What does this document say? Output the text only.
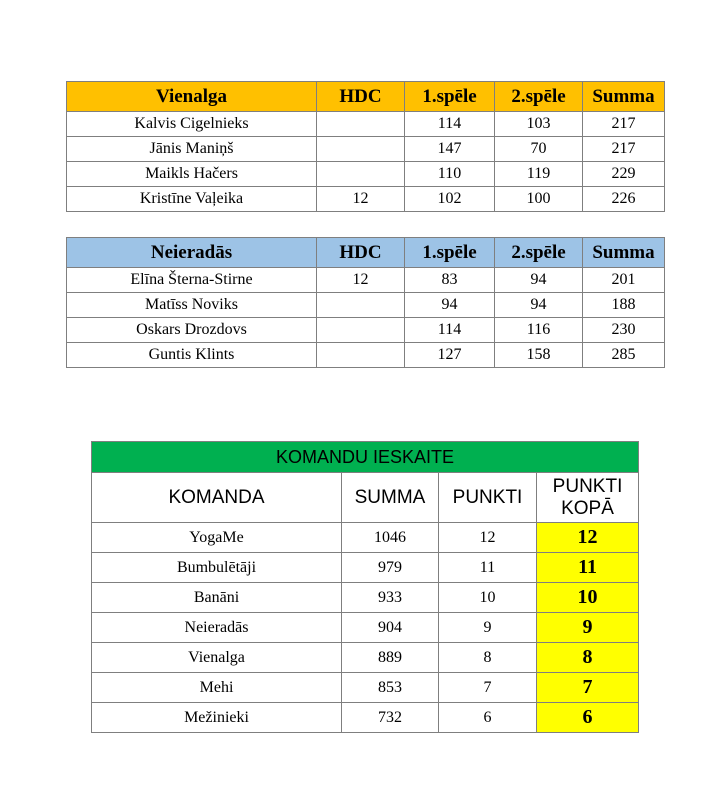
Vienalga	HDC	1.spēle	2.spēle	Summa
Kalvis Cigelnieks		114	103	217
Jānis Maniņš		147	70	217
Maikls Hačers		110	119	229
Kristīne Vaļeika	12	102	100	226
Neieradās	HDC	1.spēle	2.spēle	Summa
Elīna Šterna-Stirne	12	83	94	201
Matīss Noviks		94	94	188
Oskars Drozdovs		114	116	230
Guntis Klints		127	158	285
KOMANDU IESKAITE			
KOMANDA	SUMMA	PUNKTI	PUNKTI
KOPĀ
YogaMe	1046	12	12
Bumbulētāji	979	11	11
Banāni	933	10	10
Neieradās	904	9	9
Vienalga	889	8	8
Mehi	853	7	7
Mežinieki	732	6	6
